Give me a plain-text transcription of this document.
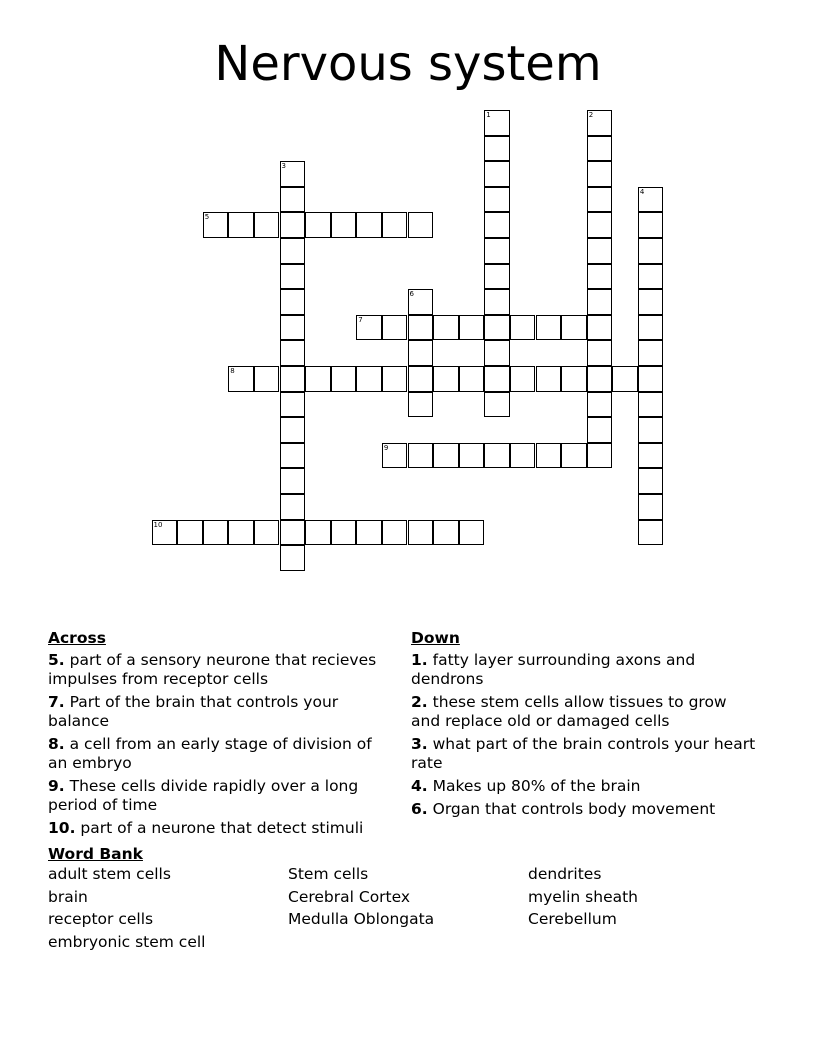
Nervous system
1	2
3
4
5
6
7
8
9
10
Across
5. part of a sensory neurone that recieves impulses from receptor cells
7. Part of the brain that controls your balance
8. a cell from an early stage of division of an embryo
9. These cells divide rapidly over a long period of time
10. part of a neurone that detect stimuli
Down
1. fatty layer surrounding axons and dendrons
2. these stem cells allow tissues to grow and replace old or damaged cells
3. what part of the brain controls your heart rate
4. Makes up 80% of the brain
6. Organ that controls body movement
Word Bank
adult stem cells	Stem cells	dendrites
brain	Cerebral Cortex	myelin sheath
receptor cells	Medulla Oblongata	Cerebellum
embryonic stem cell
